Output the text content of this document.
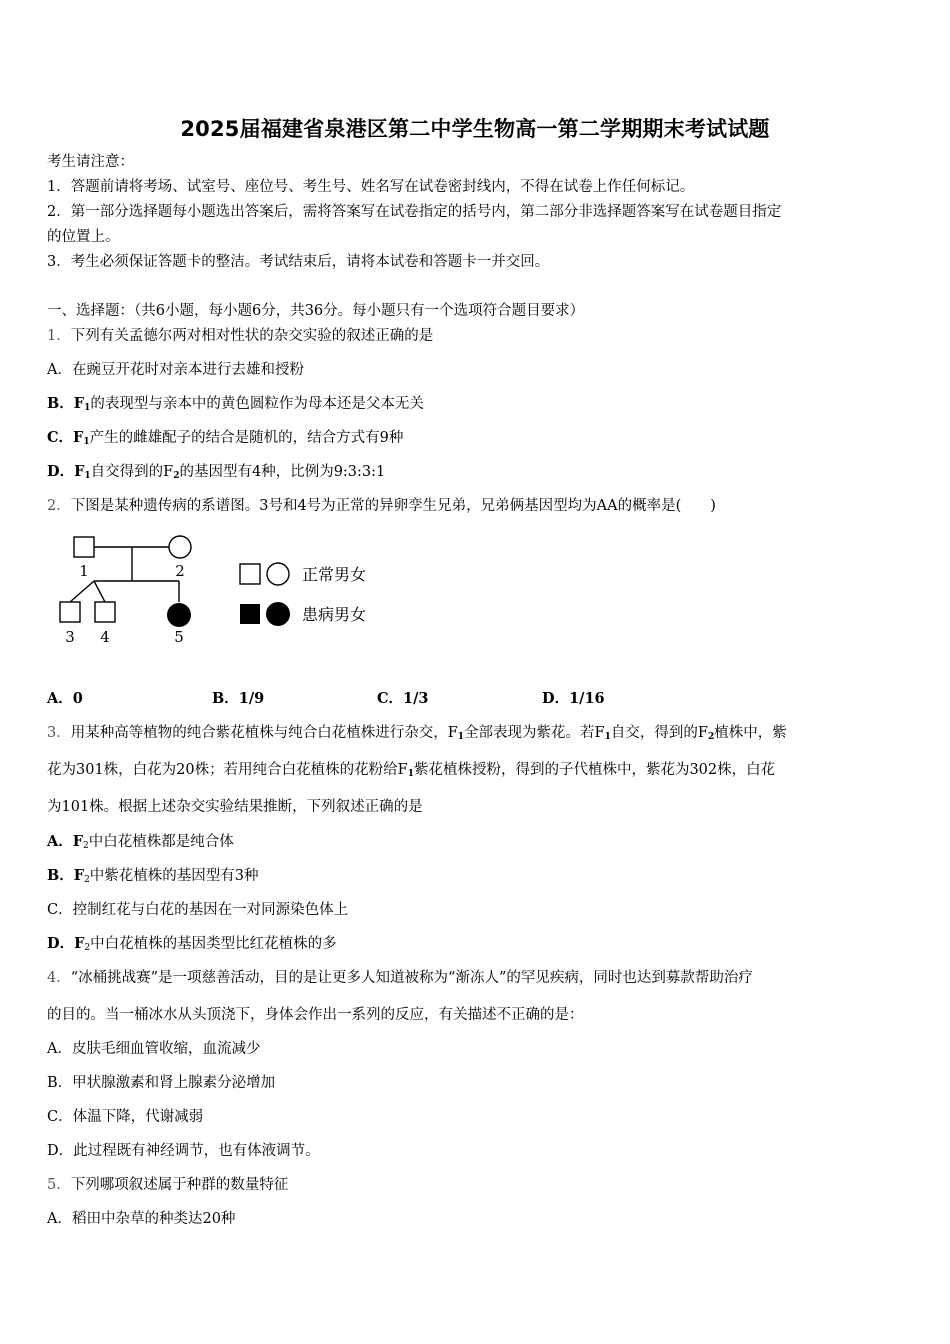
2025届福建省泉港区第二中学生物高一第二学期期末考试试题
考生请注意：
1．答题前请将考场、试室号、座位号、考生号、姓名写在试卷密封线内，不得在试卷上作任何标记。
2．第一部分选择题每小题选出答案后，需将答案写在试卷指定的括号内，第二部分非选择题答案写在试卷题目指定
的位置上。
3．考生必须保证答题卡的整洁。考试结束后，请将本试卷和答题卡一并交回。
一、选择题：（共6小题，每小题6分，共36分。每小题只有一个选项符合题目要求）
1．下列有关孟德尔两对相对性状的杂交实验的叙述正确的是
A．在豌豆开花时对亲本进行去雄和授粉
B．$F_1$的表现型与亲本中的黄色圆粒作为母本还是父本无关
C．$F_1$产生的雌雄配子的结合是随机的，结合方式有9种
D．$F_1$自交得到的$F_2$的基因型有4种，比例为9:3:3:1
2．下图是某种遗传病的系谱图。3号和4号为正常的异卵孪生兄弟，兄弟俩基因型均为AA的概率是(　　)
1	2
3 4	5
正常男女
患病男女
A．0	B．1/9	C．1/3	D．1/16
3．用某种高等植物的纯合紫花植株与纯合白花植株进行杂交，$F_1$全部表现为紫花。若$F_1$自交，得到的$F_2$植株中，紫
花为301株，白花为20株；若用纯合白花植株的花粉给$F_1$紫花植株授粉，得到的子代植株中，紫花为302株，白花
为101株。根据上述杂交实验结果推断，下列叙述正确的是
A．$F_2$中白花植株都是纯合体
B．$F_2$中紫花植株的基因型有3种
C．控制红花与白花的基因在一对同源染色体上
D．$F_2$中白花植株的基因类型比红花植株的多
4．“冰桶挑战赛”是一项慈善活动，目的是让更多人知道被称为“渐冻人”的罕见疾病，同时也达到募款帮助治疗
的目的。当一桶冰水从头顶浇下，身体会作出一系列的反应，有关描述不正确的是：
A．皮肤毛细血管收缩，血流减少
B．甲状腺激素和肾上腺素分泌增加
C．体温下降，代谢减弱
D．此过程既有神经调节，也有体液调节。
5．下列哪项叙述属于种群的数量特征
A．稻田中杂草的种类达20种
